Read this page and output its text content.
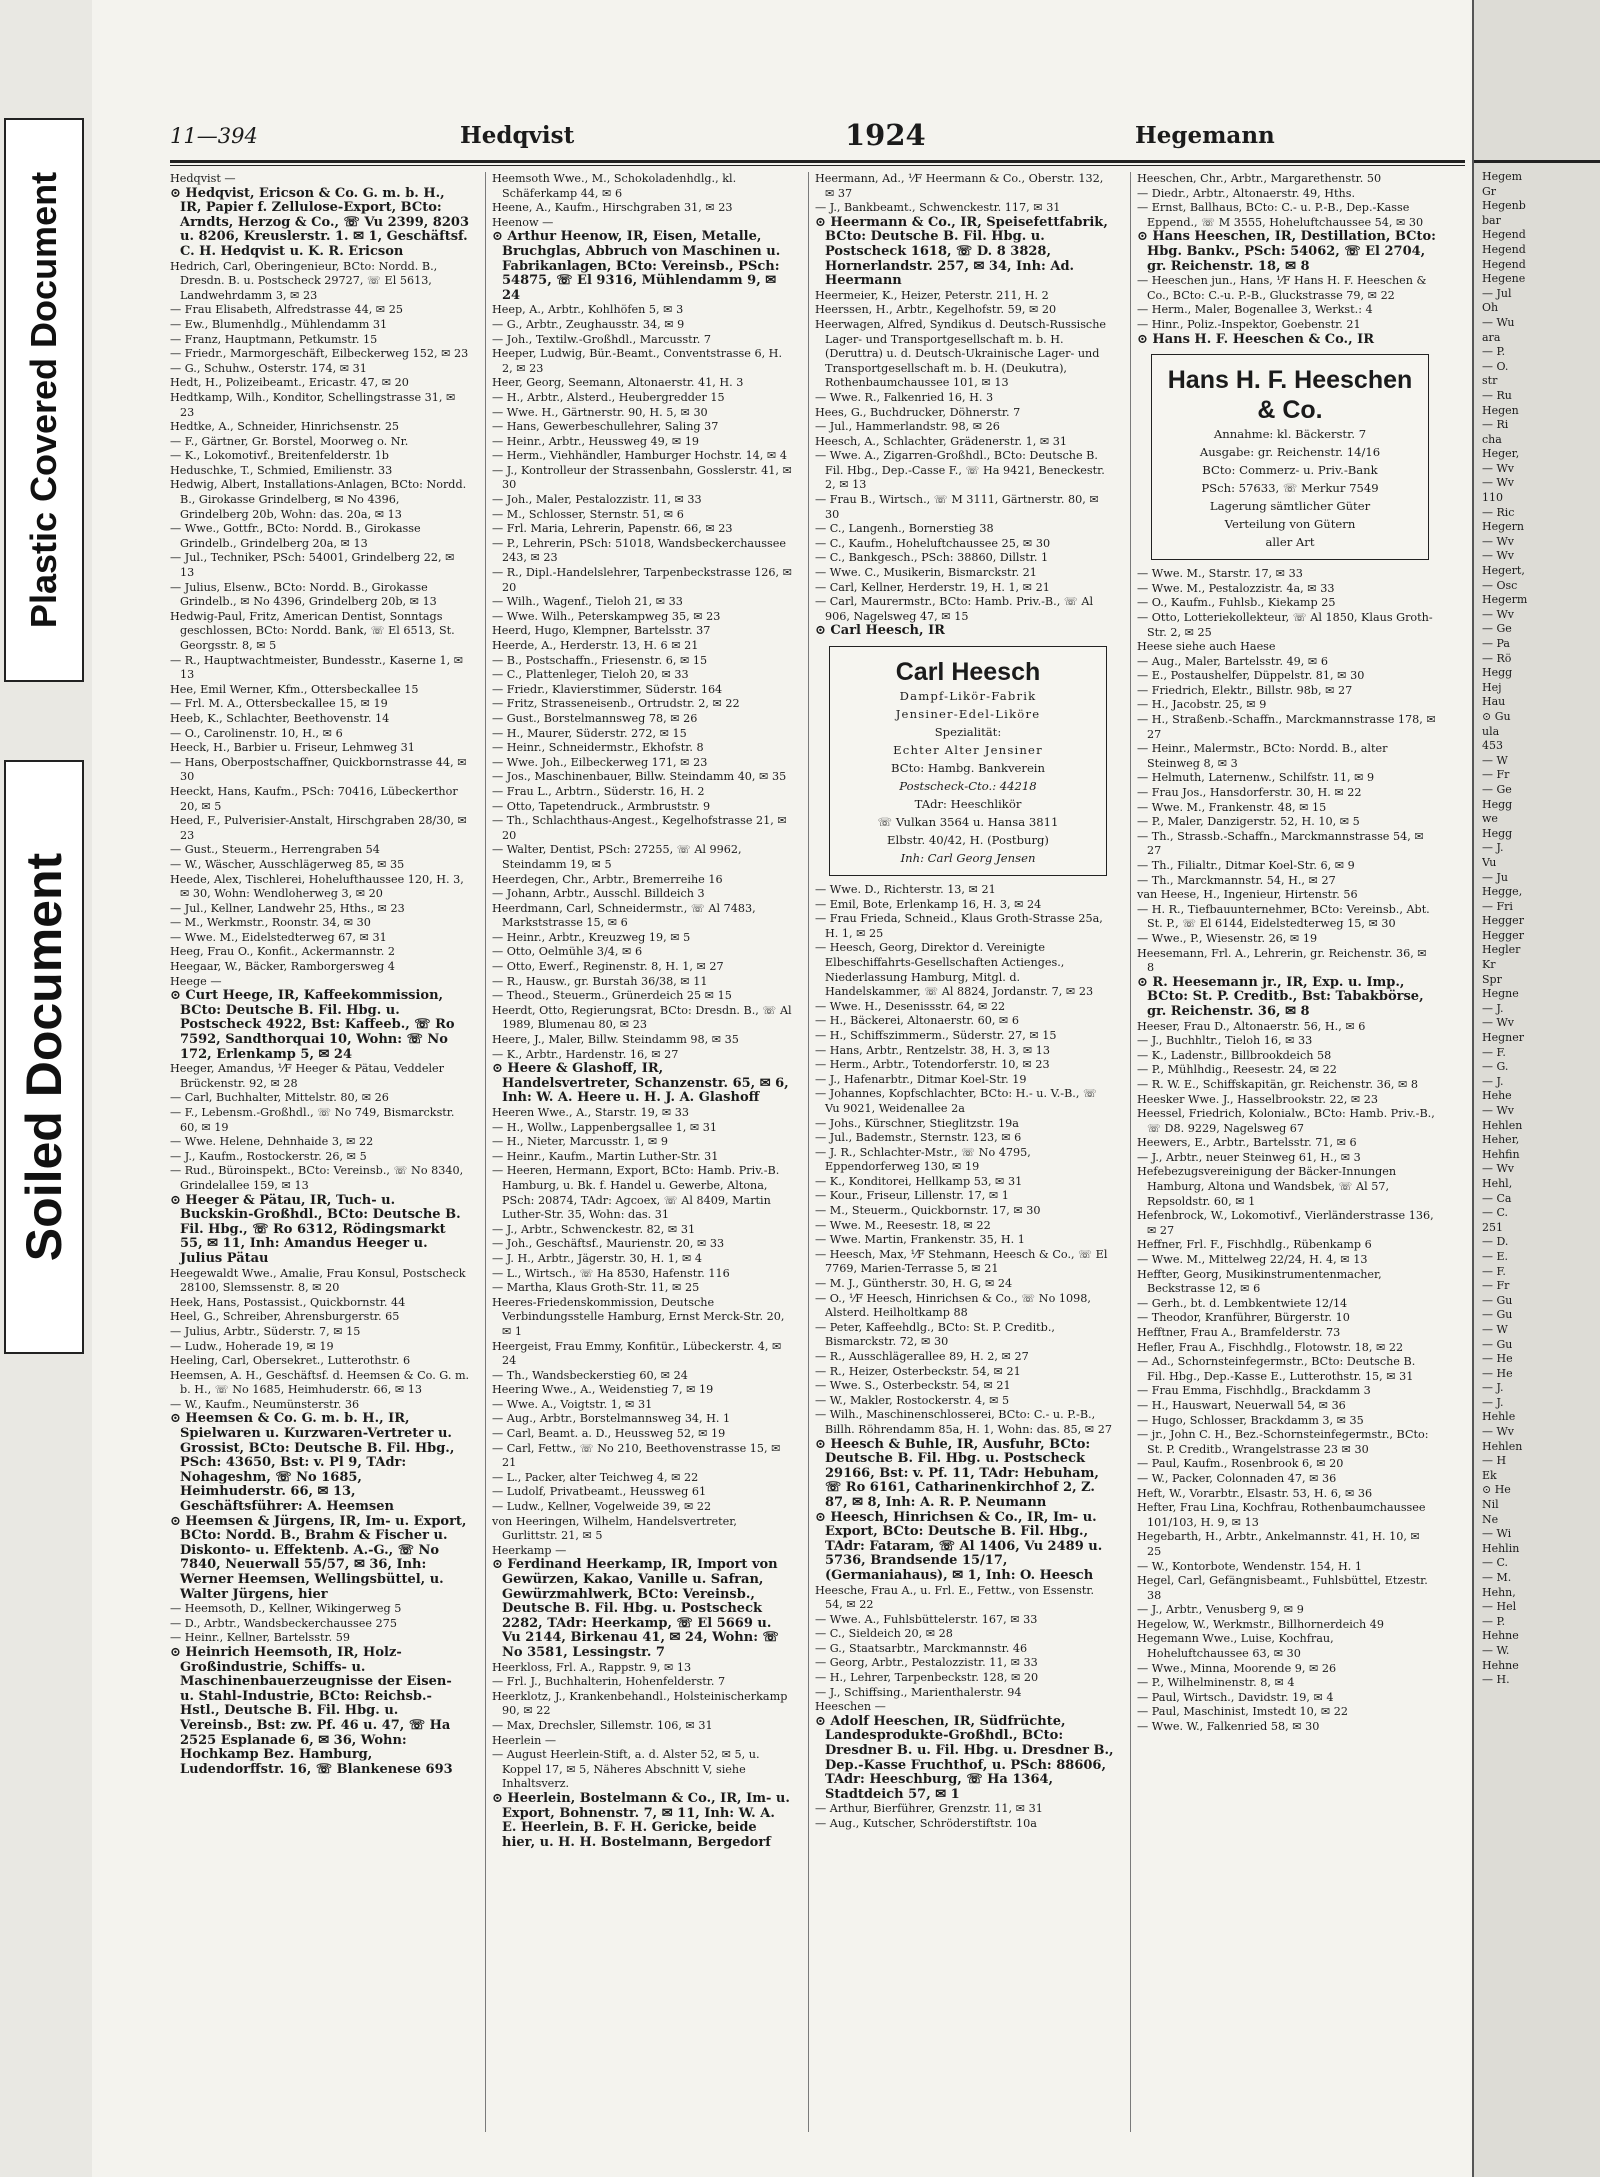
Plastic Covered Document
Soiled Document
11—394	Hedqvist	1924	Hegemann

Hedqvist —

⊙ Hedqvist, Ericson & Co. G. m. b. H., IR, Papier f. Zellulose-Export, BCto: Arndts, Herzog & Co., ☏ Vu 2399, 8203 u. 8206, Kreuslerstr. 1. ✉ 1, Geschäftsf. C. H. Hedqvist u. K. R. Ericson

Hedrich, Carl, Oberingenieur, BCto: Nordd. B., Dresdn. B. u. Postscheck 29727, ☏ El 5613, Landwehrdamm 3, ✉ 23

— Frau Elisabeth, Alfredstrasse 44, ✉ 25

— Ew., Blumenhdlg., Mühlendamm 31

— Franz, Hauptmann, Petkumstr. 15

— Friedr., Marmorgeschäft, Eilbeckerweg 152, ✉ 23

— G., Schuhw., Osterstr. 174, ✉ 31

Hedt, H., Polizeibeamt., Ericastr. 47, ✉ 20

Hedtkamp, Wilh., Konditor, Schellingstrasse 31, ✉ 23

Hedtke, A., Schneider, Hinrichsenstr. 25

— F., Gärtner, Gr. Borstel, Moorweg o. Nr.

— K., Lokomotivf., Breitenfelderstr. 1b

Heduschke, T., Schmied, Emilienstr. 33

Hedwig, Albert, Installations-Anlagen, BCto: Nordd. B., Girokasse Grindelberg, ✉ No 4396, Grindelberg 20b, Wohn: das. 20a, ✉ 13

— Wwe., Gottfr., BCto: Nordd. B., Girokasse Grindelb., Grindelberg 20a, ✉ 13

— Jul., Techniker, PSch: 54001, Grindelberg 22, ✉ 13

— Julius, Elsenw., BCto: Nordd. B., Girokasse Grindelb., ✉ No 4396, Grindelberg 20b, ✉ 13

Hedwig-Paul, Fritz, American Dentist, Sonntags geschlossen, BCto: Nordd. Bank, ☏ El 6513, St. Georgsstr. 8, ✉ 5

— R., Hauptwachtmeister, Bundesstr., Kaserne 1, ✉ 13

Hee, Emil Werner, Kfm., Ottersbeckallee 15

— Frl. M. A., Ottersbeckallee 15, ✉ 19

Heeb, K., Schlachter, Beethovenstr. 14

— O., Carolinenstr. 10, H., ✉ 6

Heeck, H., Barbier u. Friseur, Lehmweg 31

— Hans, Oberpostschaffner, Quickbornstrasse 44, ✉ 30

Heeckt, Hans, Kaufm., PSch: 70416, Lübeckerthor 20, ✉ 5

Heed, F., Pulverisier-Anstalt, Hirschgraben 28/30, ✉ 23

— Gust., Steuerm., Herrengraben 54

— W., Wäscher, Ausschlägerweg 85, ✉ 35

Heede, Alex, Tischlerei, Hohelufthaussee 120, H. 3, ✉ 30, Wohn: Wendloherweg 3, ✉ 20

— Jul., Kellner, Landwehr 25, Hths., ✉ 23

— M., Werkmstr., Roonstr. 34, ✉ 30

— Wwe. M., Eidelstedterweg 67, ✉ 31

Heeg, Frau O., Konfit., Ackermannstr. 2

Heegaar, W., Bäcker, Ramborgersweg 4

Heege —

⊙ Curt Heege, IR, Kaffeekommission, BCto: Deutsche B. Fil. Hbg. u. Postscheck 4922, Bst: Kaffeeb., ☏ Ro 7592, Sandthorquai 10, Wohn: ☏ No 172, Erlenkamp 5, ✉ 24

Heeger, Amandus, ⅟F Heeger & Pätau, Veddeler Brückenstr. 92, ✉ 28

— Carl, Buchhalter, Mittelstr. 80, ✉ 26

— F., Lebensm.-Großhdl., ☏ No 749, Bismarckstr. 60, ✉ 19

— Wwe. Helene, Dehnhaide 3, ✉ 22

— J., Kaufm., Rostockerstr. 26, ✉ 5

— Rud., Büroinspekt., BCto: Vereinsb., ☏ No 8340, Grindelallee 159, ✉ 13

⊙ Heeger & Pätau, IR, Tuch- u. Buckskin-Großhdl., BCto: Deutsche B. Fil. Hbg., ☏ Ro 6312, Rödingsmarkt 55, ✉ 11, Inh: Amandus Heeger u. Julius Pätau

Heegewaldt Wwe., Amalie, Frau Konsul, Postscheck 28100, Slemssenstr. 8, ✉ 20

Heek, Hans, Postassist., Quickbornstr. 44

Heel, G., Schreiber, Ahrensburgerstr. 65

— Julius, Arbtr., Süderstr. 7, ✉ 15

— Ludw., Hoherade 19, ✉ 19

Heeling, Carl, Obersekret., Lutterothstr. 6

Heemsen, A. H., Geschäftsf. d. Heemsen & Co. G. m. b. H., ☏ No 1685, Heimhuderstr. 66, ✉ 13

— W., Kaufm., Neumünsterstr. 36

⊙ Heemsen & Co. G. m. b. H., IR, Spielwaren u. Kurzwaren-Vertreter u. Grossist, BCto: Deutsche B. Fil. Hbg., PSch: 43650, Bst: v. Pl 9, TAdr: Nohageshm, ☏ No 1685, Heimhuderstr. 66, ✉ 13, Geschäftsführer: A. Heemsen

⊙ Heemsen & Jürgens, IR, Im- u. Export, BCto: Nordd. B., Brahm & Fischer u. Diskonto- u. Effektenb. A.-G., ☏ No 7840, Neuerwall 55/57, ✉ 36, Inh: Werner Heemsen, Wellingsbüttel, u. Walter Jürgens, hier

— Heemsoth, D., Kellner, Wikingerweg 5

— D., Arbtr., Wandsbeckerchaussee 275

— Heinr., Kellner, Bartelsstr. 59

⊙ Heinrich Heemsoth, IR, Holz-Großindustrie, Schiffs- u. Maschinenbauerzeugnisse der Eisen- u. Stahl-Industrie, BCto: Reichsb.-Hstl., Deutsche B. Fil. Hbg. u. Vereinsb., Bst: zw. Pf. 46 u. 47, ☏ Ha 2525 Esplanade 6, ✉ 36, Wohn: Hochkamp Bez. Hamburg, Ludendorffstr. 16, ☏ Blankenese 693

Heemsoth Wwe., M., Schokoladenhdlg., kl. Schäferkamp 44, ✉ 6

Heene, A., Kaufm., Hirschgraben 31, ✉ 23

Heenow —

⊙ Arthur Heenow, IR, Eisen, Metalle, Bruchglas, Abbruch von Maschinen u. Fabrikanlagen, BCto: Vereinsb., PSch: 54875, ☏ El 9316, Mühlendamm 9, ✉ 24

Heep, A., Arbtr., Kohlhöfen 5, ✉ 3

— G., Arbtr., Zeughausstr. 34, ✉ 9

— Joh., Textilw.-Großhdl., Marcusstr. 7

Heeper, Ludwig, Bür.-Beamt., Conventstrasse 6, H. 2, ✉ 23

Heer, Georg, Seemann, Altonaerstr. 41, H. 3

— H., Arbtr., Alsterd., Heubergredder 15

— Wwe. H., Gärtnerstr. 90, H. 5, ✉ 30

— Hans, Gewerbeschullehrer, Saling 37

— Heinr., Arbtr., Heussweg 49, ✉ 19

— Herm., Viehhändler, Hamburger Hochstr. 14, ✉ 4

— J., Kontrolleur der Strassenbahn, Gosslerstr. 41, ✉ 30

— Joh., Maler, Pestalozzistr. 11, ✉ 33

— M., Schlosser, Sternstr. 51, ✉ 6

— Frl. Maria, Lehrerin, Papenstr. 66, ✉ 23

— P., Lehrerin, PSch: 51018, Wandsbeckerchaussee 243, ✉ 23

— R., Dipl.-Handelslehrer, Tarpenbeckstrasse 126, ✉ 20

— Wilh., Wagenf., Tieloh 21, ✉ 33

— Wwe. Wilh., Peterskampweg 35, ✉ 23

Heerd, Hugo, Klempner, Bartelsstr. 37

Heerde, A., Herderstr. 13, H. 6 ✉ 21

— B., Postschaffn., Friesenstr. 6, ✉ 15

— C., Plattenleger, Tieloh 20, ✉ 33

— Friedr., Klavierstimmer, Süderstr. 164

— Fritz, Strasseneisenb., Ortrudstr. 2, ✉ 22

— Gust., Borstelmannsweg 78, ✉ 26

— H., Maurer, Süderstr. 272, ✉ 15

— Heinr., Schneidermstr., Ekhofstr. 8

— Wwe. Joh., Eilbeckerweg 171, ✉ 23

— Jos., Maschinenbauer, Billw. Steindamm 40, ✉ 35

— Frau L., Arbtrn., Süderstr. 16, H. 2

— Otto, Tapetendruck., Armbruststr. 9

— Th., Schlachthaus-Angest., Kegelhofstrasse 21, ✉ 20

— Walter, Dentist, PSch: 27255, ☏ Al 9962, Steindamm 19, ✉ 5

Heerdegen, Chr., Arbtr., Bremerreihe 16

— Johann, Arbtr., Ausschl. Billdeich 3

Heerdmann, Carl, Schneidermstr., ☏ Al 7483, Markststrasse 15, ✉ 6

— Heinr., Arbtr., Kreuzweg 19, ✉ 5

— Otto, Oelmühle 3/4, ✉ 6

— Otto, Ewerf., Reginenstr. 8, H. 1, ✉ 27

— R., Hausw., gr. Burstah 36/38, ✉ 11

— Theod., Steuerm., Grünerdeich 25 ✉ 15

Heerdt, Otto, Regierungsrat, BCto: Dresdn. B., ☏ Al 1989, Blumenau 80, ✉ 23

Heere, J., Maler, Billw. Steindamm 98, ✉ 35

— K., Arbtr., Hardenstr. 16, ✉ 27

⊙ Heere & Glashoff, IR, Handelsvertreter, Schanzenstr. 65, ✉ 6, Inh: W. A. Heere u. H. J. A. Glashoff

Heeren Wwe., A., Starstr. 19, ✉ 33

— H., Wollw., Lappenbergsallee 1, ✉ 31

— H., Nieter, Marcusstr. 1, ✉ 9

— Heinr., Kaufm., Martin Luther-Str. 31

— Heeren, Hermann, Export, BCto: Hamb. Priv.-B. Hamburg, u. Bk. f. Handel u. Gewerbe, Altona, PSch: 20874, TAdr: Agcoex, ☏ Al 8409, Martin Luther-Str. 35, Wohn: das. 31

— J., Arbtr., Schwenckestr. 82, ✉ 31

— Joh., Geschäftsf., Maurienstr. 20, ✉ 33

— J. H., Arbtr., Jägerstr. 30, H. 1, ✉ 4

— L., Wirtsch., ☏ Ha 8530, Hafenstr. 116

— Martha, Klaus Groth-Str. 11, ✉ 25

Heeres-Friedenskommission, Deutsche Verbindungsstelle Hamburg, Ernst Merck-Str. 20, ✉ 1

Heergeist, Frau Emmy, Konfitür., Lübeckerstr. 4, ✉ 24

— Th., Wandsbeckerstieg 60, ✉ 24

Heering Wwe., A., Weidenstieg 7, ✉ 19

— Wwe. A., Voigtstr. 1, ✉ 31

— Aug., Arbtr., Borstelmannsweg 34, H. 1

— Carl, Beamt. a. D., Heussweg 52, ✉ 19

— Carl, Fettw., ☏ No 210, Beethovenstrasse 15, ✉ 21

— L., Packer, alter Teichweg 4, ✉ 22

— Ludolf, Privatbeamt., Heussweg 61

— Ludw., Kellner, Vogelweide 39, ✉ 22

von Heeringen, Wilhelm, Handelsvertreter, Gurlittstr. 21, ✉ 5

Heerkamp —

⊙ Ferdinand Heerkamp, IR, Import von Gewürzen, Kakao, Vanille u. Safran, Gewürzmahlwerk, BCto: Vereinsb., Deutsche B. Fil. Hbg. u. Postscheck 2282, TAdr: Heerkamp, ☏ El 5669 u. Vu 2144, Birkenau 41, ✉ 24, Wohn: ☏ No 3581, Lessingstr. 7

Heerkloss, Frl. A., Rappstr. 9, ✉ 13

— Frl. J., Buchhalterin, Hohenfelderstr. 7

Heerklotz, J., Krankenbehandl., Holsteinischerkamp 90, ✉ 22

— Max, Drechsler, Sillemstr. 106, ✉ 31

Heerlein —

— August Heerlein-Stift, a. d. Alster 52, ✉ 5, u. Koppel 17, ✉ 5, Näheres Abschnitt V, siehe Inhaltsverz.

⊙ Heerlein, Bostelmann & Co., IR, Im- u. Export, Bohnenstr. 7, ✉ 11, Inh: W. A. E. Heerlein, B. F. H. Gericke, beide hier, u. H. H. Bostelmann, Bergedorf

Heermann, Ad., ⅟F Heermann & Co., Oberstr. 132, ✉ 37

— J., Bankbeamt., Schwenckestr. 117, ✉ 31

⊙ Heermann & Co., IR, Speisefettfabrik, BCto: Deutsche B. Fil. Hbg. u. Postscheck 1618, ☏ D. 8 3828, Hornerlandstr. 257, ✉ 34, Inh: Ad. Heermann

Heermeier, K., Heizer, Peterstr. 211, H. 2

Heerssen, H., Arbtr., Kegelhofstr. 59, ✉ 20

Heerwagen, Alfred, Syndikus d. Deutsch-Russische Lager- und Transportgesellschaft m. b. H. (Deruttra) u. d. Deutsch-Ukrainische Lager- und Transportgesellschaft m. b. H. (Deukutra), Rothenbaumchaussee 101, ✉ 13

— Wwe. R., Falkenried 16, H. 3

Hees, G., Buchdrucker, Döhnerstr. 7

— Jul., Hammerlandstr. 98, ✉ 26

Heesch, A., Schlachter, Grädenerstr. 1, ✉ 31

— Wwe. A., Zigarren-Großhdl., BCto: Deutsche B. Fil. Hbg., Dep.-Casse F., ☏ Ha 9421, Beneckestr. 2, ✉ 13

— Frau B., Wirtsch., ☏ M 3111, Gärtnerstr. 80, ✉ 30

— C., Langenh., Bornerstieg 38

— C., Kaufm., Hoheluftchaussee 25, ✉ 30

— C., Bankgesch., PSch: 38860, Dillstr. 1

— Wwe. C., Musikerin, Bismarckstr. 21

— Carl, Kellner, Herderstr. 19, H. 1, ✉ 21

— Carl, Maurermstr., BCto: Hamb. Priv.-B., ☏ Al 906, Nagelsweg 47, ✉ 15

⊙ Carl Heesch, IR

Carl Heesch
Dampf-Likör-Fabrik
Jensiner-Edel-Liköre
Spezialität:
Echter Alter Jensiner
BCto: Hambg. Bankverein
Postscheck-Cto.: 44218
TAdr: Heeschlikör
☏ Vulkan 3564 u. Hansa 3811
Elbstr. 40/42, H. (Postburg)
Inh: Carl Georg Jensen

— Wwe. D., Richterstr. 13, ✉ 21

— Emil, Bote, Erlenkamp 16, H. 3, ✉ 24

— Frau Frieda, Schneid., Klaus Groth-Strasse 25a, H. 1, ✉ 25

— Heesch, Georg, Direktor d. Vereinigte Elbeschiffahrts-Gesellschaften Actienges., Niederlassung Hamburg, Mitgl. d. Handelskammer, ☏ Al 8824, Jordanstr. 7, ✉ 23

— Wwe. H., Desenissstr. 64, ✉ 22

— H., Bäckerei, Altonaerstr. 60, ✉ 6

— H., Schiffszimmerm., Süderstr. 27, ✉ 15

— Hans, Arbtr., Rentzelstr. 38, H. 3, ✉ 13

— Herm., Arbtr., Totendorferstr. 10, ✉ 23

— J., Hafenarbtr., Ditmar Koel-Str. 19

— Johannes, Kopfschlachter, BCto: H.- u. V.-B., ☏ Vu 9021, Weidenallee 2a

— Johs., Kürschner, Stieglitzstr. 19a

— Jul., Bademstr., Sternstr. 123, ✉ 6

— J. R., Schlachter-Mstr., ☏ No 4795, Eppendorferweg 130, ✉ 19

— K., Konditorei, Hellkamp 53, ✉ 31

— Kour., Friseur, Lillenstr. 17, ✉ 1

— M., Steuerm., Quickbornstr. 17, ✉ 30

— Wwe. M., Reesestr. 18, ✉ 22

— Wwe. Martin, Frankenstr. 35, H. 1

— Heesch, Max, ⅟F Stehmann, Heesch & Co., ☏ El 7769, Marien-Terrasse 5, ✉ 21

— M. J., Güntherstr. 30, H. G, ✉ 24

— O., ⅟F Heesch, Hinrichsen & Co., ☏ No 1098, Alsterd. Heilholtkamp 88

— Peter, Kaffeehdlg., BCto: St. P. Creditb., Bismarckstr. 72, ✉ 30

— R., Ausschlägerallee 89, H. 2, ✉ 27

— R., Heizer, Osterbeckstr. 54, ✉ 21

— Wwe. S., Osterbeckstr. 54, ✉ 21

— W., Makler, Rostockerstr. 4, ✉ 5

— Wilh., Maschinenschlosserei, BCto: C.- u. P.-B., Billh. Röhrendamm 85a, H. 1, Wohn: das. 85, ✉ 27

⊙ Heesch & Buhle, IR, Ausfuhr, BCto: Deutsche B. Fil. Hbg. u. Postscheck 29166, Bst: v. Pf. 11, TAdr: Hebuham, ☏ Ro 6161, Catharinenkirchhof 2, Z. 87, ✉ 8, Inh: A. R. P. Neumann

⊙ Heesch, Hinrichsen & Co., IR, Im- u. Export, BCto: Deutsche B. Fil. Hbg., TAdr: Fataram, ☏ Al 1406, Vu 2489 u. 5736, Brandsende 15/17, (Germaniahaus), ✉ 1, Inh: O. Heesch

Heesche, Frau A., u. Frl. E., Fettw., von Essenstr. 54, ✉ 22

— Wwe. A., Fuhlsbüttelerstr. 167, ✉ 33

— C., Sieldeich 20, ✉ 28

— G., Staatsarbtr., Marckmannstr. 46

— Georg, Arbtr., Pestalozzistr. 11, ✉ 33

— H., Lehrer, Tarpenbeckstr. 128, ✉ 20

— J., Schiffsing., Marienthalerstr. 94

Heeschen —

⊙ Adolf Heeschen, IR, Südfrüchte, Landesprodukte-Großhdl., BCto: Dresdner B. u. Fil. Hbg. u. Dresdner B., Dep.-Kasse Fruchthof, u. PSch: 88606, TAdr: Heeschburg, ☏ Ha 1364, Stadtdeich 57, ✉ 1

— Arthur, Bierführer, Grenzstr. 11, ✉ 31

— Aug., Kutscher, Schröderstiftstr. 10a

Heeschen, Chr., Arbtr., Margarethenstr. 50

— Diedr., Arbtr., Altonaerstr. 49, Hths.

— Ernst, Ballhaus, BCto: C.- u. P.-B., Dep.-Kasse Eppend., ☏ M 3555, Hoheluftchaussee 54, ✉ 30

⊙ Hans Heeschen, IR, Destillation, BCto: Hbg. Bankv., PSch: 54062, ☏ El 2704, gr. Reichenstr. 18, ✉ 8

— Heeschen jun., Hans, ⅟F Hans H. F. Heeschen & Co., BCto: C.-u. P.-B., Gluckstrasse 79, ✉ 22

— Herm., Maler, Bogenallee 3, Werkst.: 4

— Hinr., Poliz.-Inspektor, Goebenstr. 21

⊙ Hans H. F. Heeschen & Co., IR

Hans H. F. Heeschen & Co.
Annahme: kl. Bäckerstr. 7
Ausgabe: gr. Reichenstr. 14/16
BCto: Commerz- u. Priv.-Bank
PSch: 57633, ☏ Merkur 7549
Lagerung sämtlicher Güter
Verteilung von Gütern
aller Art

— Wwe. M., Starstr. 17, ✉ 33

— Wwe. M., Pestalozzistr. 4a, ✉ 33

— O., Kaufm., Fuhlsb., Kiekamp 25

— Otto, Lotteriekollekteur, ☏ Al 1850, Klaus Groth-Str. 2, ✉ 25

Heese siehe auch Haese

— Aug., Maler, Bartelsstr. 49, ✉ 6

— E., Postaushelfer, Düppelstr. 81, ✉ 30

— Friedrich, Elektr., Billstr. 98b, ✉ 27

— H., Jacobstr. 25, ✉ 9

— H., Straßenb.-Schaffn., Marckmannstrasse 178, ✉ 27

— Heinr., Malermstr., BCto: Nordd. B., alter Steinweg 8, ✉ 3

— Helmuth, Laternenw., Schilfstr. 11, ✉ 9

— Frau Jos., Hansdorferstr. 30, H. ✉ 22

— Wwe. M., Frankenstr. 48, ✉ 15

— P., Maler, Danzigerstr. 52, H. 10, ✉ 5

— Th., Strassb.-Schaffn., Marckmannstrasse 54, ✉ 27

— Th., Filialtr., Ditmar Koel-Str. 6, ✉ 9

— Th., Marckmannstr. 54, H., ✉ 27

van Heese, H., Ingenieur, Hirtenstr. 56

— H. R., Tiefbauunternehmer, BCto: Vereinsb., Abt. St. P., ☏ El 6144, Eidelstedterweg 15, ✉ 30

— Wwe., P., Wiesenstr. 26, ✉ 19

Heesemann, Frl. A., Lehrerin, gr. Reichenstr. 36, ✉ 8

⊙ R. Heesemann jr., IR, Exp. u. Imp., BCto: St. P. Creditb., Bst: Tabakbörse, gr. Reichenstr. 36, ✉ 8

Heeser, Frau D., Altonaerstr. 56, H., ✉ 6

— J., Buchhltr., Tieloh 16, ✉ 33

— K., Ladenstr., Billbrookdeich 58

— P., Mühlhdig., Reesestr. 24, ✉ 22

— R. W. E., Schiffskapitän, gr. Reichenstr. 36, ✉ 8

Heesker Wwe. J., Hasselbrookstr. 22, ✉ 23

Heessel, Friedrich, Kolonialw., BCto: Hamb. Priv.-B., ☏ D8. 9229, Nagelsweg 67

Heewers, E., Arbtr., Bartelsstr. 71, ✉ 6

— J., Arbtr., neuer Steinweg 61, H., ✉ 3

Hefebezugsvereinigung der Bäcker-Innungen Hamburg, Altona und Wandsbek, ☏ Al 57, Repsoldstr. 60, ✉ 1

Hefenbrock, W., Lokomotivf., Vierländerstrasse 136, ✉ 27

Heffner, Frl. F., Fischhdlg., Rübenkamp 6

— Wwe. M., Mittelweg 22/24, H. 4, ✉ 13

Heffter, Georg, Musikinstrumentenmacher, Beckstrasse 12, ✉ 6

— Gerh., bt. d. Lembkentwiete 12/14

— Theodor, Kranführer, Bürgerstr. 10

Hefftner, Frau A., Bramfelderstr. 73

Hefler, Frau A., Fischhdlg., Flotowstr. 18, ✉ 22

— Ad., Schornsteinfegermstr., BCto: Deutsche B. Fil. Hbg., Dep.-Kasse E., Lutterothstr. 15, ✉ 31

— Frau Emma, Fischhdlg., Brackdamm 3

— H., Hauswart, Neuerwall 54, ✉ 36

— Hugo, Schlosser, Brackdamm 3, ✉ 35

— jr., John C. H., Bez.-Schornsteinfegermstr., BCto: St. P. Creditb., Wrangelstrasse 23 ✉ 30

— Paul, Kaufm., Rosenbrook 6, ✉ 20

— W., Packer, Colonnaden 47, ✉ 36

Heft, W., Vorarbtr., Elsastr. 53, H. 6, ✉ 36

Hefter, Frau Lina, Kochfrau, Rothenbaumchaussee 101/103, H. 9, ✉ 13

Hegebarth, H., Arbtr., Ankelmannstr. 41, H. 10, ✉ 25

— W., Kontorbote, Wendenstr. 154, H. 1

Hegel, Carl, Gefängnisbeamt., Fuhlsbüttel, Etzestr. 38

— J., Arbtr., Venusberg 9, ✉ 9

Hegelow, W., Werkmstr., Billhornerdeich 49

Hegemann Wwe., Luise, Kochfrau, Hoheluftchaussee 63, ✉ 30

— Wwe., Minna, Moorende 9, ✉ 26

— P., Wilhelminenstr. 8, ✉ 4

— Paul, Wirtsch., Davidstr. 19, ✉ 4

— Paul, Maschinist, Imstedt 10, ✉ 22

— Wwe. W., Falkenried 58, ✉ 30

Hegem

Gr

Hegenb

bar

Hegend

Hegend

Hegend

Hegene

— Jul

Oh

— Wu

ara

— P.

— O.

str

— Ru

Hegen

— Ri

cha

Heger,

— Wv

— Wv

110

— Ric

Hegern

— Wv

— Wv

Hegert,

— Osc

Hegerm

— Wv

— Ge

— Pa

— Rö

Hegg

Hej

Hau

⊙ Gu

ula

453

— W

— Fr

— Ge

Hegg

we

Hegg

— J.

Vu

— Ju

Hegge,

— Fri

Hegger

Hegger

Hegler

Kr

Spr

Hegne

— J.

— Wv

Hegner

— F.

— G.

— J.

Hehe

— Wv

Hehlen

Heher,

Hehfin

— Wv

Hehl,

— Ca

— C.

251

— D.

— E.

— F.

— Fr

— Gu

— Gu

— W

— Gu

— He

— He

— J.

— J.

Hehle

— Wv

Hehlen

— H

Ek

⊙ He

Nil

Ne

— Wi

Hehlin

— C.

— M.

Hehn,

— Hel

— P.

Hehne

— W.

Hehne

— H.
